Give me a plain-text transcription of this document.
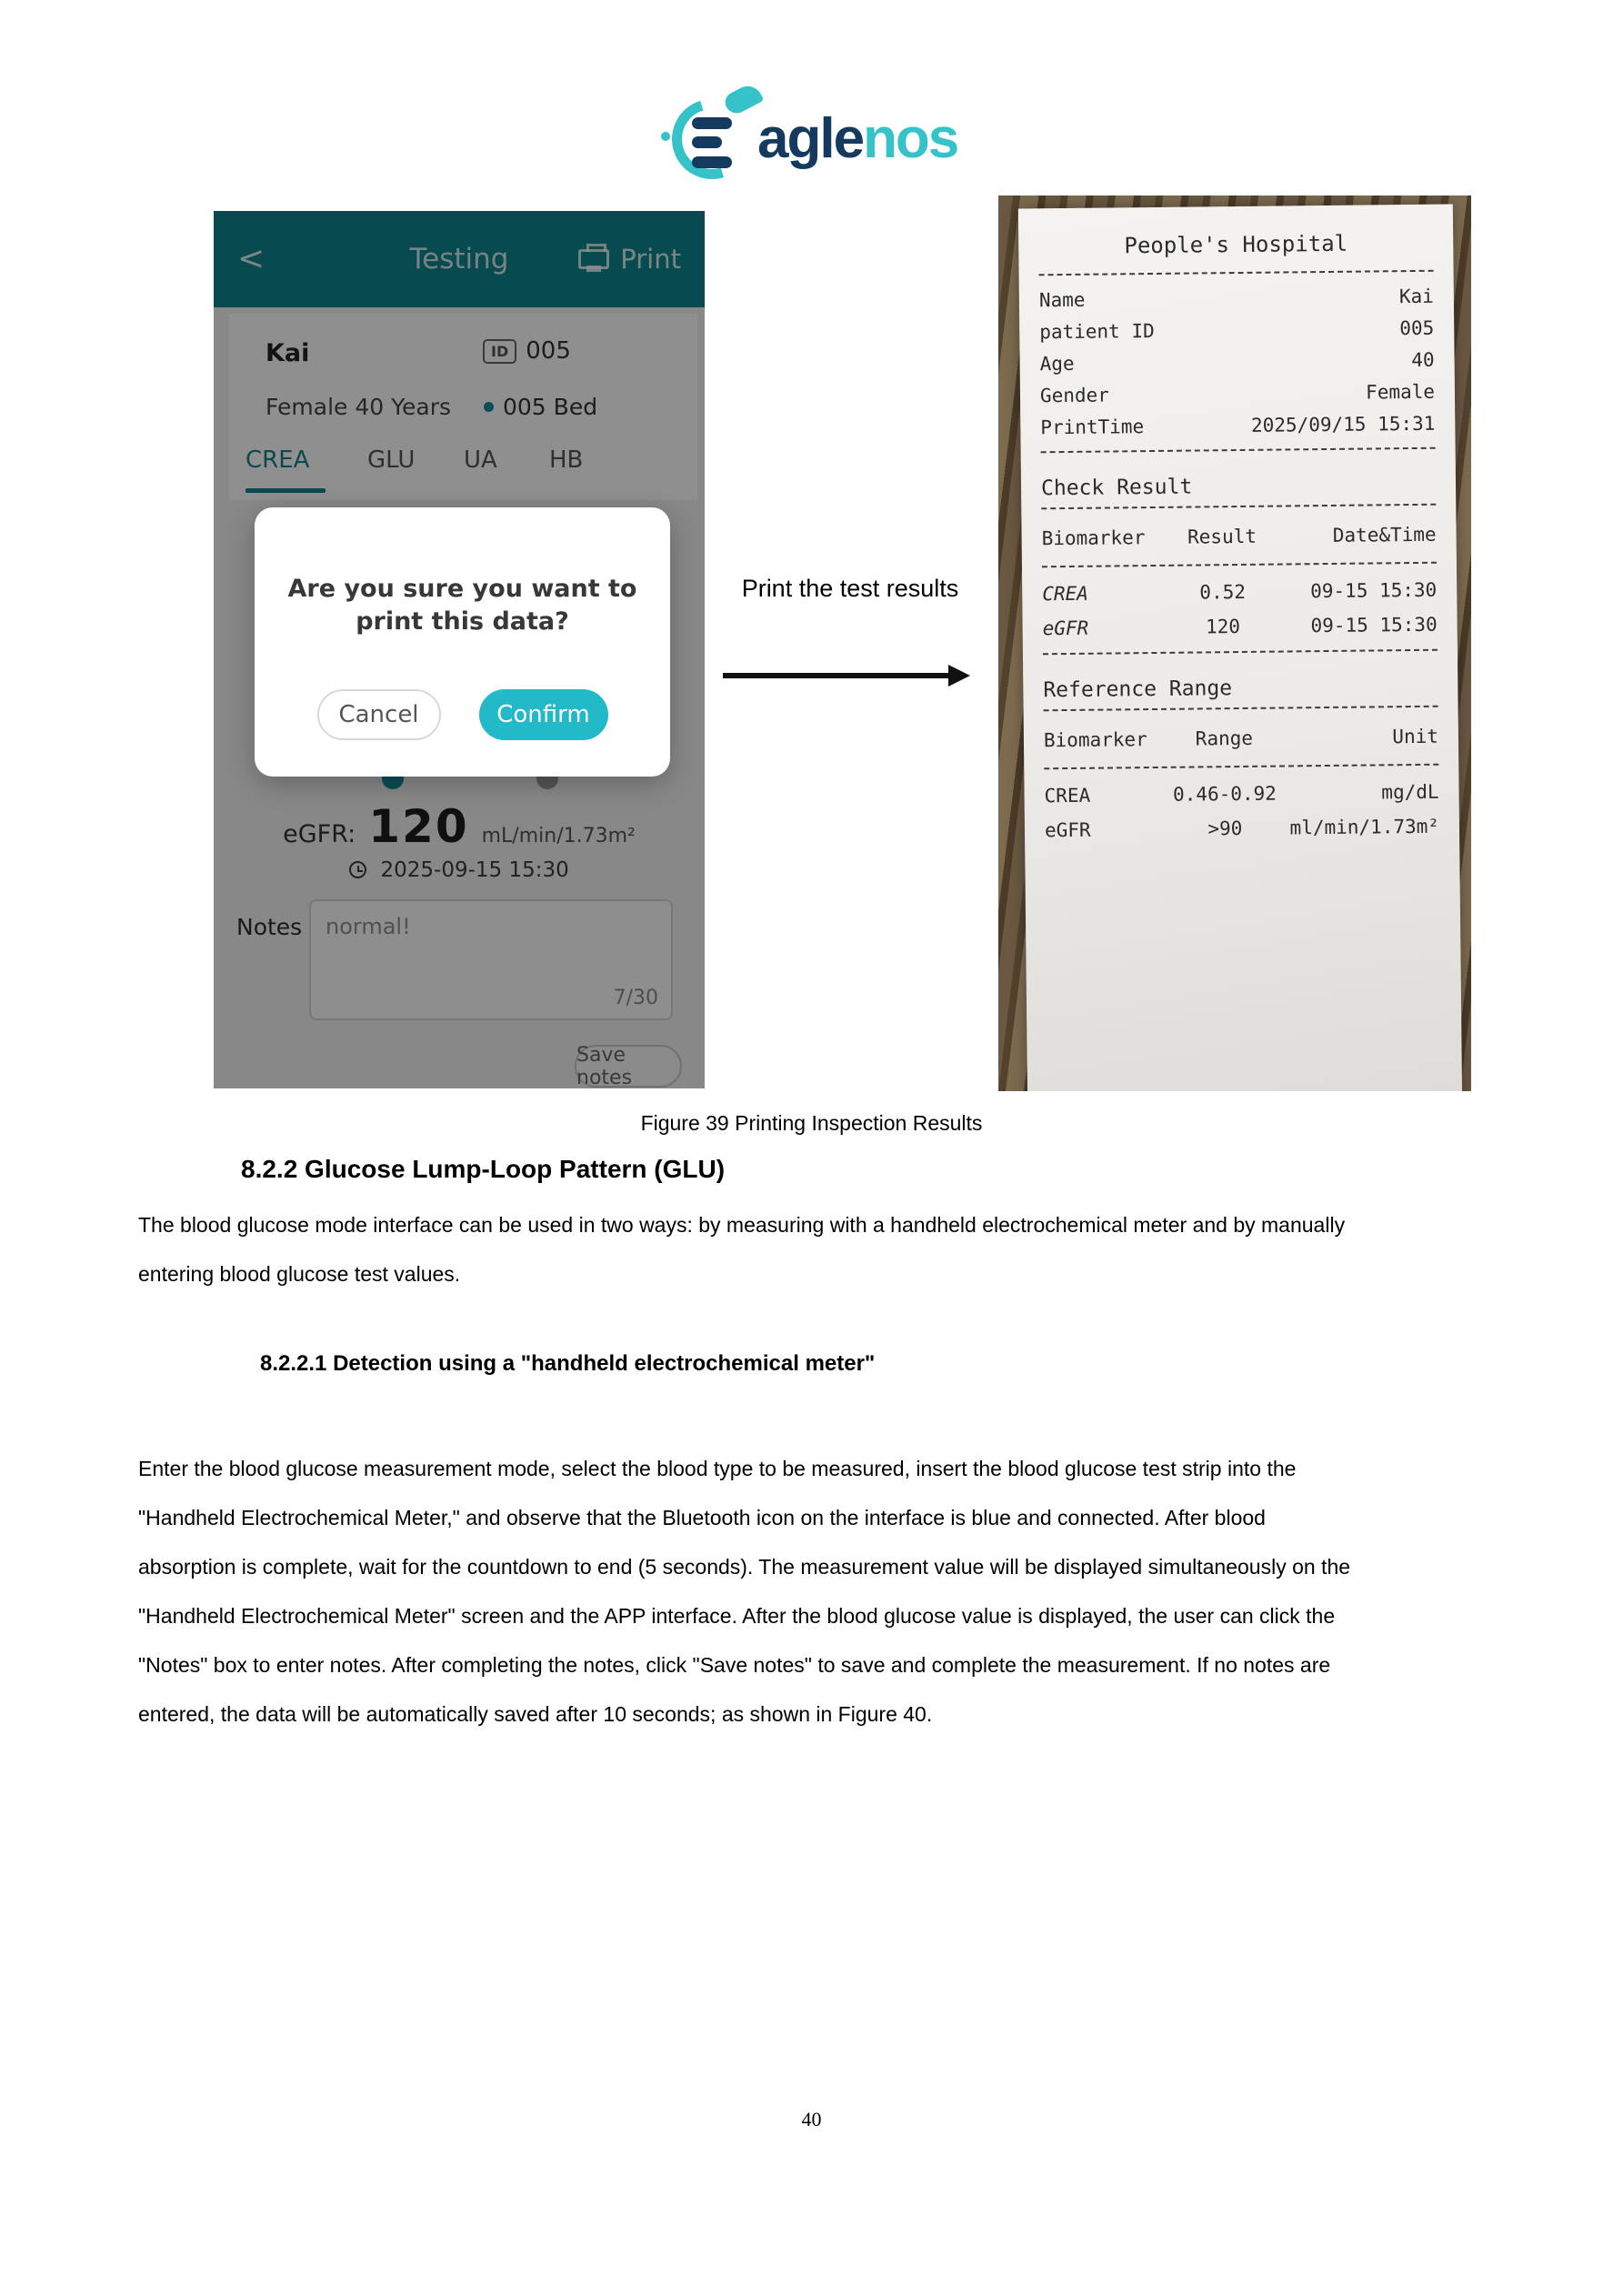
aglenos
<	Testing	Print
Kai	ID 005
Female 40 Years 005 Bed
CREA GLU UA HB
eGFR: 120 mL/min/1.73m²
2025-09-15 15:30
Notes normal!
7/30
Save notes
Are you sure you want to print this data?
Cancel	Confirm
Print the test results
People's Hospital
Name	Kai
patient ID	005
Age	40
Gender	Female
PrintTime	2025/09/15 15:31
Check Result
Biomarker	Result	Date&Time
CREA	0.52	09-15 15:30
eGFR	120	09-15 15:30
Reference Range
Biomarker	Range	Unit
CREA	0.46-0.92	mg/dL
eGFR	>90	ml/min/1.73m²
Figure 39 Printing Inspection Results
8.2.2 Glucose Lump-Loop Pattern (GLU)
The blood glucose mode interface can be used in two ways: by measuring with a handheld electrochemical meter and by manually
entering blood glucose test values.
8.2.2.1 Detection using a "handheld electrochemical meter"
Enter the blood glucose measurement mode, select the blood type to be measured, insert the blood glucose test strip into the
"Handheld Electrochemical Meter," and observe that the Bluetooth icon on the interface is blue and connected. After blood
absorption is complete, wait for the countdown to end (5 seconds). The measurement value will be displayed simultaneously on the
"Handheld Electrochemical Meter" screen and the APP interface. After the blood glucose value is displayed, the user can click the
"Notes" box to enter notes. After completing the notes, click "Save notes" to save and complete the measurement. If no notes are
entered, the data will be automatically saved after 10 seconds; as shown in Figure 40.
40
